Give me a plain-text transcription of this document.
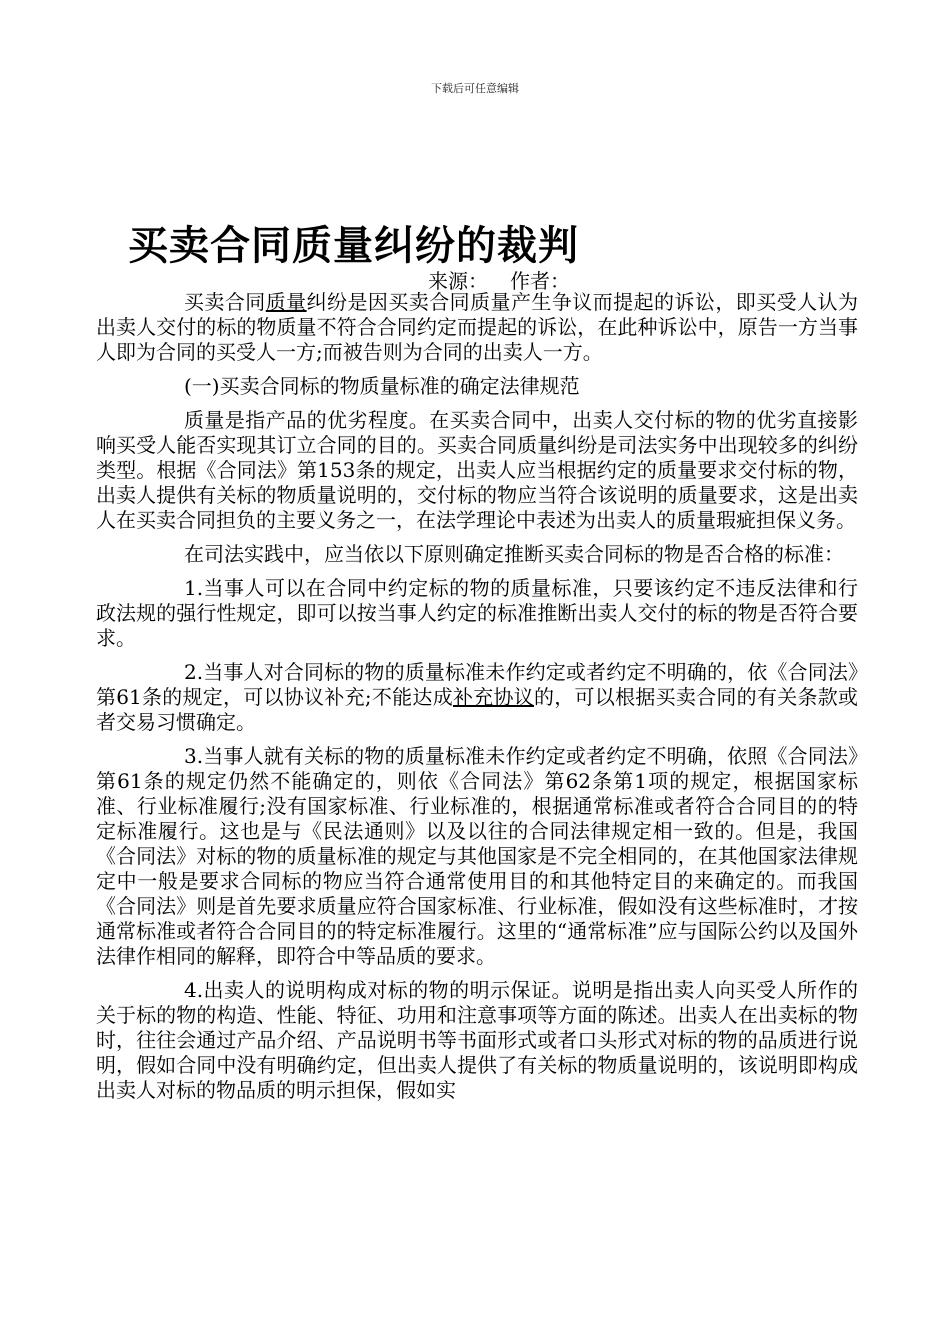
下载后可任意编辑
买卖合同质量纠纷的裁判
来源： 作者：

买卖合同质量纠纷是因买卖合同质量产生争议而提起的诉讼，即买受人认为出卖人交付的标的物质量不符合合同约定而提起的诉讼，在此种诉讼中，原告一方当事人即为合同的买受人一方;而被告则为合同的出卖人一方。

(一)买卖合同标的物质量标准的确定法律规范

质量是指产品的优劣程度。在买卖合同中，出卖人交付标的物的优劣直接影响买受人能否实现其订立合同的目的。买卖合同质量纠纷是司法实务中出现较多的纠纷类型。根据《合同法》第153条的规定，出卖人应当根据约定的质量要求交付标的物，出卖人提供有关标的物质量说明的，交付标的物应当符合该说明的质量要求，这是出卖人在买卖合同担负的主要义务之一，在法学理论中表述为出卖人的质量瑕疵担保义务。

在司法实践中，应当依以下原则确定推断买卖合同标的物是否合格的标准：

1.当事人可以在合同中约定标的物的质量标准，只要该约定不违反法律和行政法规的强行性规定，即可以按当事人约定的标准推断出卖人交付的标的物是否符合要求。

2.当事人对合同标的物的质量标准未作约定或者约定不明确的，依《合同法》第61条的规定，可以协议补充;不能达成补充协议的，可以根据买卖合同的有关条款或者交易习惯确定。

3.当事人就有关标的物的质量标准未作约定或者约定不明确，依照《合同法》第61条的规定仍然不能确定的，则依《合同法》第62条第1项的规定，根据国家标准、行业标准履行;没有国家标准、行业标准的，根据通常标准或者符合合同目的的特定标准履行。这也是与《民法通则》以及以往的合同法律规定相一致的。但是，我国《合同法》对标的物的质量标准的规定与其他国家是不完全相同的，在其他国家法律规定中一般是要求合同标的物应当符合通常使用目的和其他特定目的来确定的。而我国《合同法》则是首先要求质量应符合国家标准、行业标准，假如没有这些标准时，才按通常标准或者符合合同目的的特定标准履行。这里的“通常标准”应与国际公约以及国外法律作相同的解释，即符合中等品质的要求。

4.出卖人的说明构成对标的物的明示保证。说明是指出卖人向买受人所作的关于标的物的构造、性能、特征、功用和注意事项等方面的陈述。出卖人在出卖标的物时，往往会通过产品介绍、产品说明书等书面形式或者口头形式对标的物的品质进行说明，假如合同中没有明确约定，但出卖人提供了有关标的物质量说明的，该说明即构成出卖人对标的物品质的明示担保，假如实
